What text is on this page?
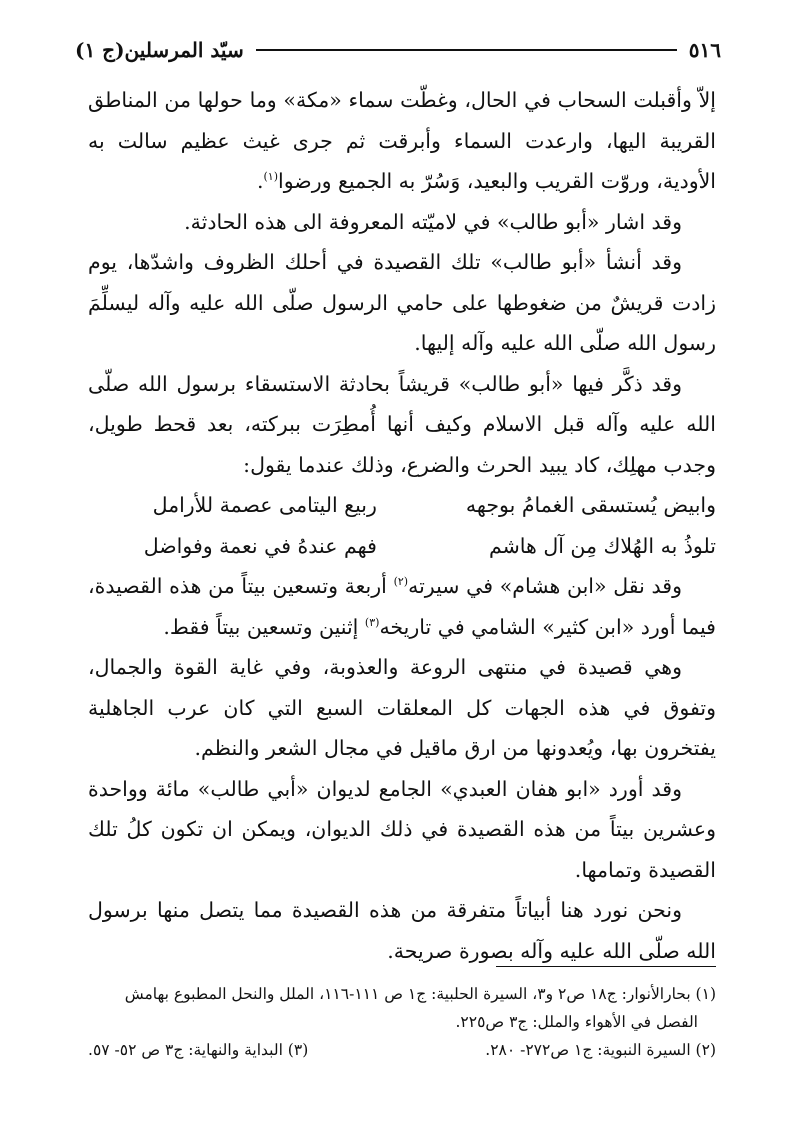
٥١٦
سيّد المرسلين(ج ١)

إلاّ وأقبلت السحاب في الحال، وغطّت سماء «مكة» وما حولها من المناطق القريبة اليها، وارعدت السماء وأبرقت ثم جرى غيث عظيم سالت به الأودية، وروّت القريب والبعيد، وَسُرّ به الجميع ورضوا$^{(١)}$.

وقد اشار «أبو طالب» في لاميّته المعروفة الى هذه الحادثة.

وقد أنشأ «أبو طالب» تلك القصيدة في أحلك الظروف واشدّها، يوم زادت قريشٌ من ضغوطها على حامي الرسول صلّى الله عليه وآله ليسلِّمَ رسول الله صلّى الله عليه وآله إليها.

وقد ذكَّر فيها «أبو طالب» قريشاً بحادثة الاستسقاء برسول الله صلّى الله عليه وآله قبل الاسلام وكيف أنها أُمطِرَت ببركته، بعد قحط طويل، وجدب مهلِك، كاد يبيد الحرث والضرع، وذلك عندما يقول:

وابيض يُستسقى الغمامُ بوجهه
ربيع اليتامى عصمة للأرامل
تلوذُ به الهُلاك مِن آل هاشم
فهم عندهُ في نعمة وفواضل

وقد نقل «ابن هشام» في سيرته$^{(٢)}$ أربعة وتسعين بيتاً من هذه القصيدة، فيما أورد «ابن كثير» الشامي في تاريخه$^{(٣)}$ إثنين وتسعين بيتاً فقط.

وهي قصيدة في منتهى الروعة والعذوبة، وفي غاية القوة والجمال، وتفوق في هذه الجهات كل المعلقات السبع التي كان عرب الجاهلية يفتخرون بها، ويُعدونها من ارق ماقيل في مجال الشعر والنظم.

وقد أورد «ابو هفان العبدي» الجامع لديوان «أبي طالب» مائة وواحدة وعشرين بيتاً من هذه القصيدة في ذلك الديوان، ويمكن ان تكون كلُ تلك القصيدة وتمامها.

ونحن نورد هنا أبياتاً متفرقة من هذه القصيدة مما يتصل منها برسول الله صلّى الله عليه وآله بصورة صريحة.

(١) بحارالأنوار: ج١٨ ص٢ و٣، السيرة الحلبية: ج١ ص ١١١-١١٦، الملل والنحل المطبوع بهامش

الفصل في الأهواء والملل: ج٣ ص٢٢٥.

(٢) السيرة النبوية: ج١ ص٢٧٢- ٢٨٠.
(٣) البداية والنهاية: ج٣ ص ٥٢- ٥٧.
